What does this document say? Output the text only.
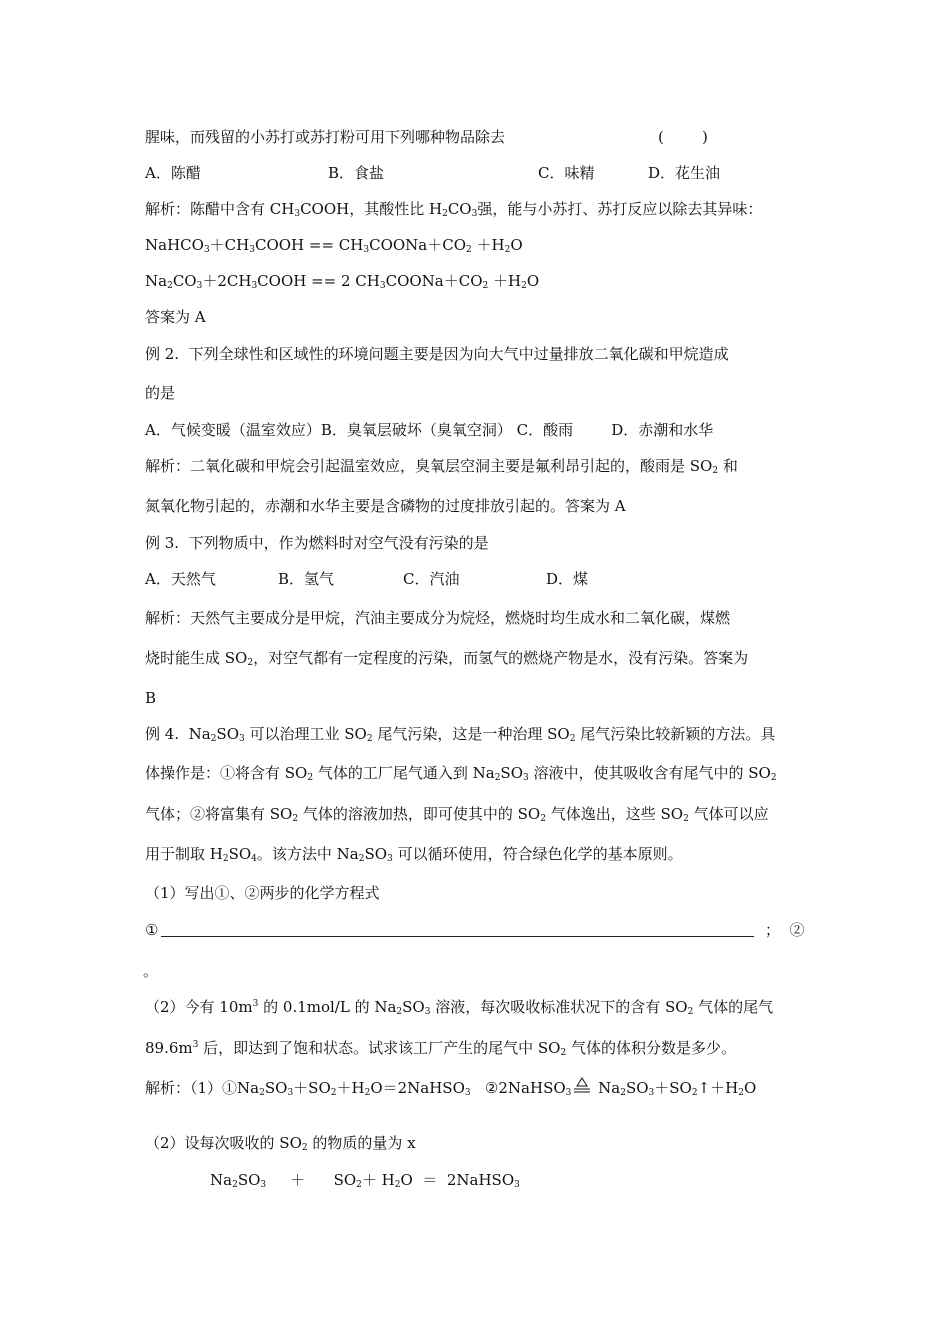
腥味，而残留的小苏打或苏打粉可用下列哪种物品除去	(        )
A．陈醋	B．食盐	C．味精	D．花生油
解析：陈醋中含有 $CH_3COOH$，其酸性比 $H_2CO_3$强，能与小苏打、苏打反应以除去其异味：
$NaHCO_3+CH_3COOH$ == $CH_3COONa+CO_2 +H_2O$
$Na_2CO_3+2CH_3COOH == 2$ $CH_3COONa+CO_2 +H_2O$
答案为 A
例 2.  下列全球性和区域性的环境问题主要是因为向大气中过量排放二氧化碳和甲烷造成
的是
A．气候变暖（温室效应）B．臭氧层破坏（臭氧空洞） C．酸雨        D．赤潮和水华
解析：二氧化碳和甲烷会引起温室效应，臭氧层空洞主要是氟利昂引起的，酸雨是 $SO_2$ 和
氮氧化物引起的，赤潮和水华主要是含磷物的过度排放引起的。答案为 A
例 3.  下列物质中，作为燃料时对空气没有污染的是
A．天然气	B．氢气	C．汽油	D．煤
解析：天然气主要成分是甲烷，汽油主要成分为烷烃，燃烧时均生成水和二氧化碳，煤燃
烧时能生成 $SO_2$，对空气都有一定程度的污染，而氢气的燃烧产物是水，没有污染。答案为
B
例 4.  $Na_2SO_3$ 可以治理工业 $SO_2$ 尾气污染，这是一种治理 $SO_2$ 尾气污染比较新颖的方法。具
体操作是：①将含有 $SO_2$ 气体的工厂尾气通入到 $Na_2SO_3$ 溶液中，使其吸收含有尾气中的 $SO_2$
气体；②将富集有 $SO_2$ 气体的溶液加热，即可使其中的 $SO_2$ 气体逸出，这些 $SO_2$ 气体可以应
用于制取 $H_2SO_4$。该方法中 $Na_2SO_3$ 可以循环使用，符合绿色化学的基本原则。
（1）写出①、②两步的化学方程式
①	；  ②
。
（2）今有 $10m^3$ 的 0.1mol/L 的 $Na_2SO_3$ 溶液，每次吸收标准状况下的含有 $SO_2$ 气体的尾气
$89.6m^3$ 后，即达到了饱和状态。试求该工厂产生的尾气中 $SO_2$ 气体的体积分数是多少。
解析：$(1)①Na_2SO_3+SO_2+H_2O=2NaHSO_3$   ②2NaHSO$_3$ $Na_2SO_3+SO_2↑+H_2O$
（2）设每次吸收的 $SO_2$ 的物质的量为 x
$Na_2SO_3$     ＋      $SO_2+ H_2O$  ＝  2NaHSO$_3$
